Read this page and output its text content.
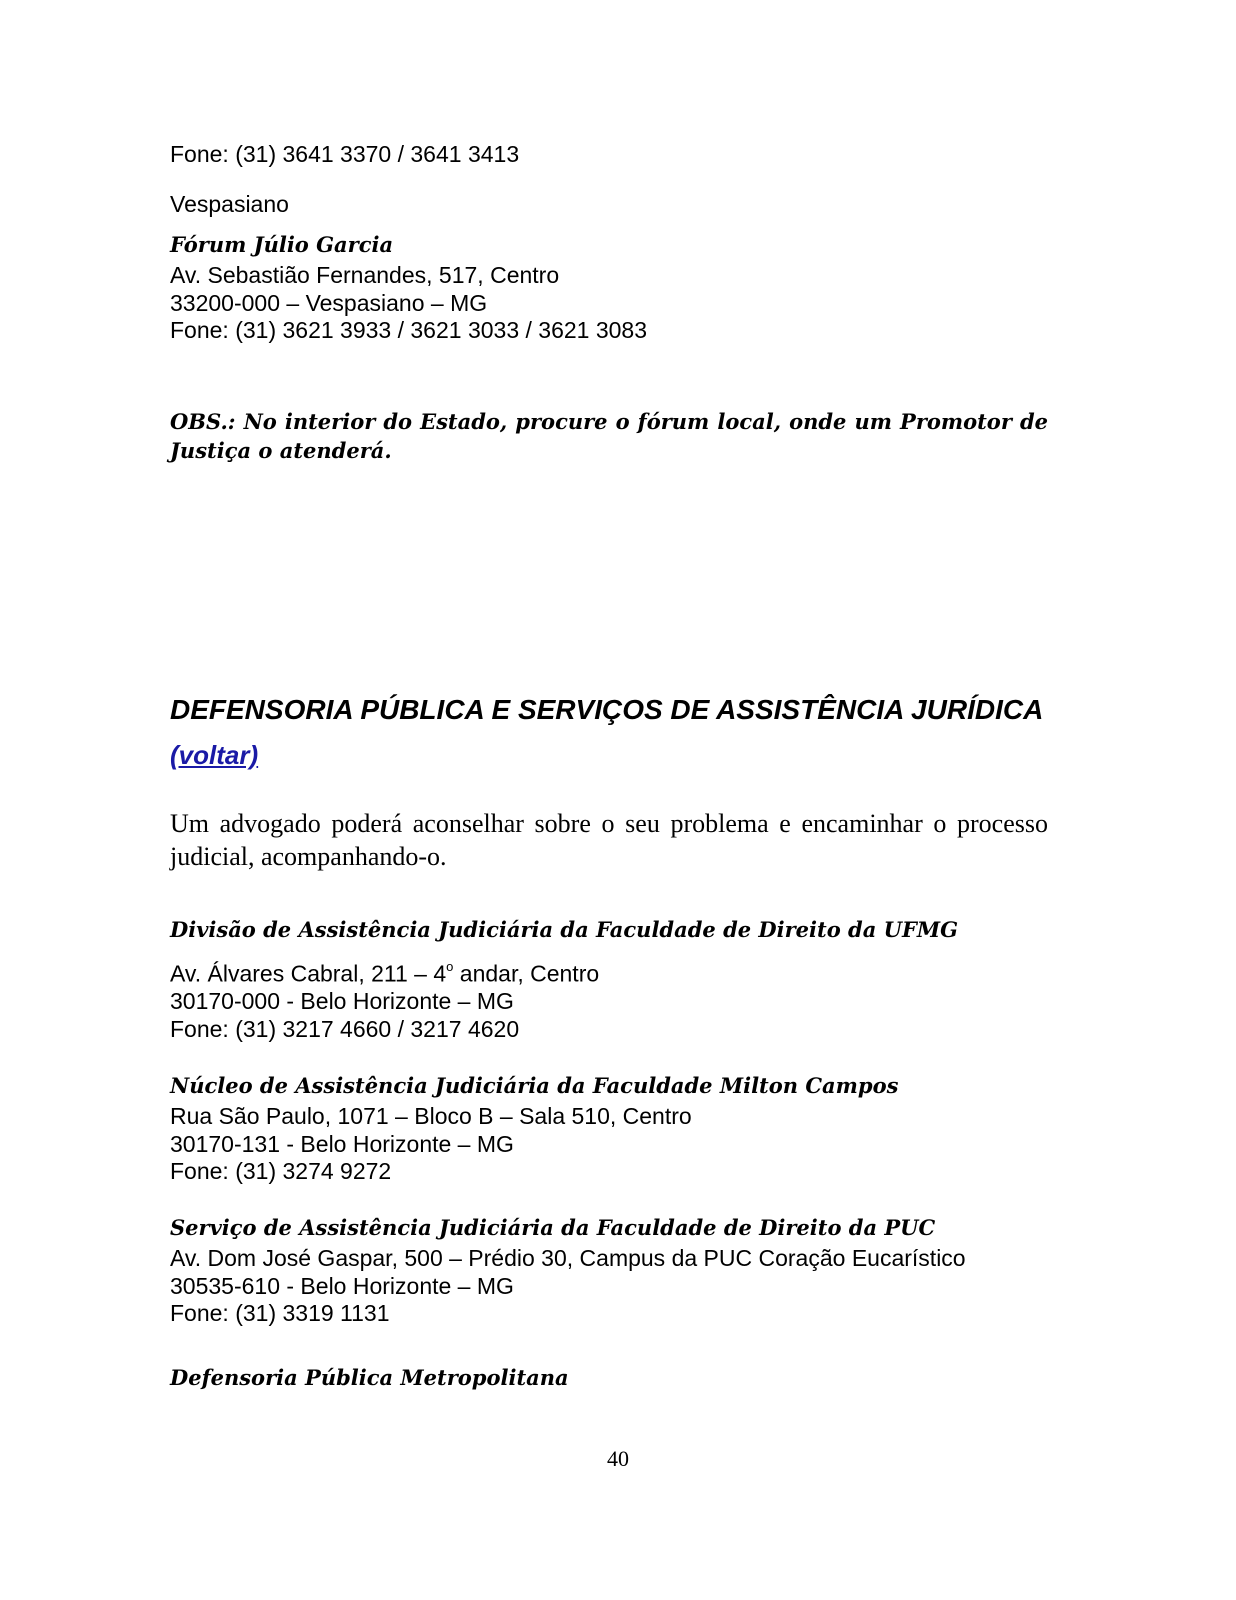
Fone: (31) 3641 3370 / 3641 3413
Vespasiano
Fórum Júlio Garcia
Av. Sebastião Fernandes, 517, Centro
33200-000 – Vespasiano – MG
Fone: (31) 3621 3933 / 3621 3033 / 3621 3083
OBS.: No interior do Estado, procure o fórum local, onde um Promotor de Justiça o atenderá.
DEFENSORIA PÚBLICA E SERVIÇOS DE ASSISTÊNCIA JURÍDICA
(voltar)
Um advogado poderá aconselhar sobre o seu problema e encaminhar o processo judicial, acompanhando-o.
Divisão de Assistência Judiciária da Faculdade de Direito da UFMG
Av. Álvares Cabral, 211 – 4$^o$ andar, Centro
30170-000 - Belo Horizonte – MG
Fone: (31) 3217 4660 / 3217 4620
Núcleo de Assistência Judiciária da Faculdade Milton Campos
Rua São Paulo, 1071 – Bloco B – Sala 510, Centro
30170-131 - Belo Horizonte – MG
Fone: (31) 3274 9272
Serviço de Assistência Judiciária da Faculdade de Direito da PUC
Av. Dom José Gaspar, 500 – Prédio 30, Campus da PUC Coração Eucarístico
30535-610 - Belo Horizonte – MG
Fone: (31) 3319 1131
Defensoria Pública Metropolitana
40
